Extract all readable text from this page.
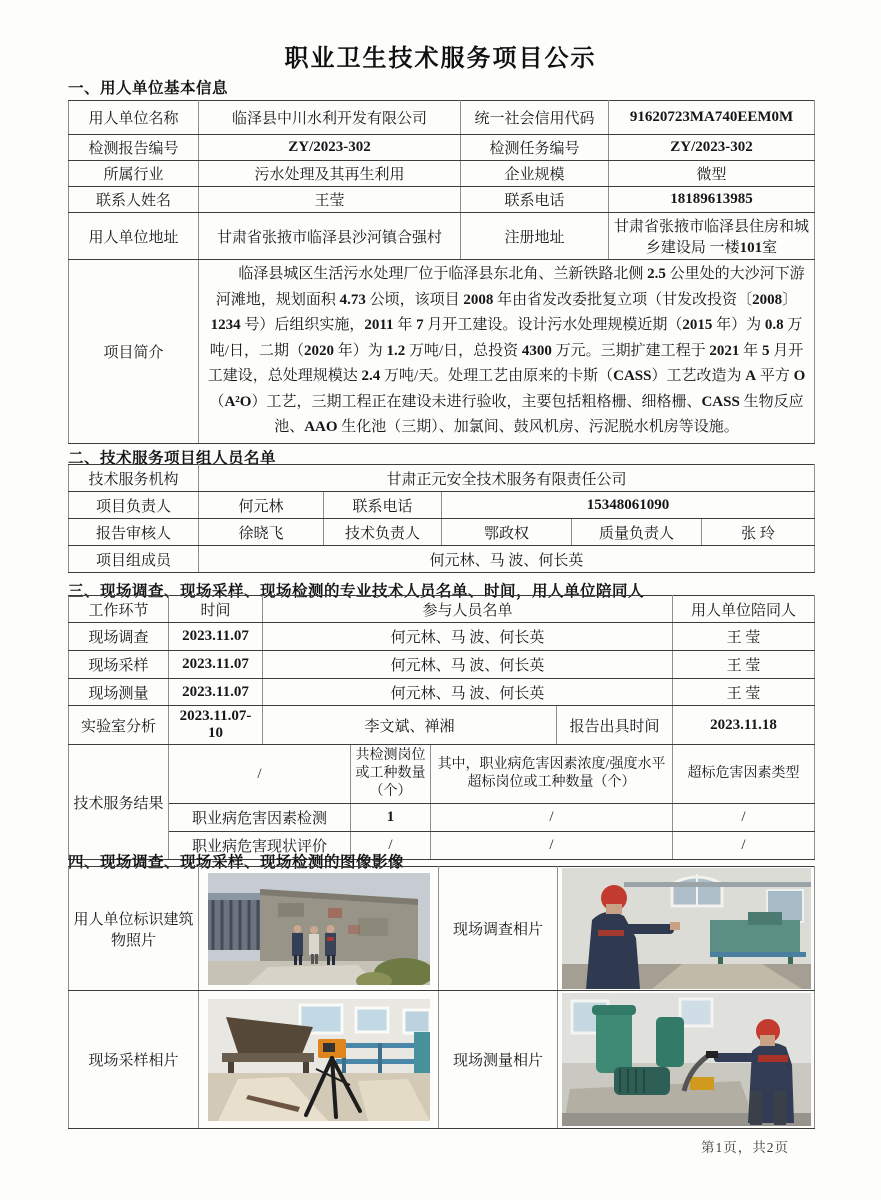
职业卫生技术服务项目公示
一、用人单位基本信息
用人单位名称	临泽县中川水利开发有限公司	统一社会信用代码	91620723MA740EEM0M
检测报告编号	ZY/2023-302	检测任务编号	ZY/2023-302
所属行业	污水处理及其再生利用	企业规模	微型
联系人姓名	王莹	联系电话	18189613985
用人单位地址	甘肃省张掖市临泽县沙河镇合强村	注册地址	甘肃省张掖市临泽县住房和城乡建设局 一楼101室
项目简介	临泽县城区生活污水处理厂位于临泽县东北角、兰新铁路北侧 2.5 公里处的大沙河下游河滩地，规划面积 4.73 公顷，该项目 2008 年由省发改委批复立项（甘发改投资〔2008〕1234 号）后组织实施，2011 年 7 月开工建设。设计污水处理规模近期（2015 年）为 0.8 万吨/日，二期（2020 年）为 1.2 万吨/日，总投资 4300 万元。三期扩建工程于 2021 年 5 月开工建设，总处理规模达 2.4 万吨/天。处理工艺由原来的卡斯（CASS）工艺改造为 A 平方 O（A²O）工艺，三期工程正在建设未进行验收，主要包括粗格栅、细格栅、CASS 生物反应池、AAO 生化池（三期）、加氯间、鼓风机房、污泥脱水机房等设施。		

二、技术服务项目组人员名单
技术服务机构	甘肃正元安全技术服务有限责任公司				
项目负责人	何元林	联系电话	15348061090		
报告审核人	徐晓飞	技术负责人	鄂政权	质量负责人	张 玲
项目组成员	何元林、马 波、何长英				
三、现场调查、现场采样、现场检测的专业技术人员名单、时间，用人单位陪同人
工作环节	时间	参与人员名单				用人单位陪同人
现场调查	2023.11.07	何元林、马 波、何长英				王 莹
现场采样	2023.11.07	何元林、马 波、何长英				王 莹
现场测量	2023.11.07	何元林、马 波、何长英				王 莹
实验室分析	2023.11.07-10	李文斌、禅湘			报告出具时间	2023.11.18
技术服务结果	/		共检测岗位或工种数量（个）	其中，职业病危害因素浓度/强度水平超标岗位或工种数量（个）		超标危害因素类型
	职业病危害因素检测		1	/		/
	职业病危害现状评价		/	/		/
四、现场调查、现场采样、现场检测的图像影像
用人单位标识建筑物照片		现场调查相片	

现场采样相片		现场测量相片	
第1页，共2页
